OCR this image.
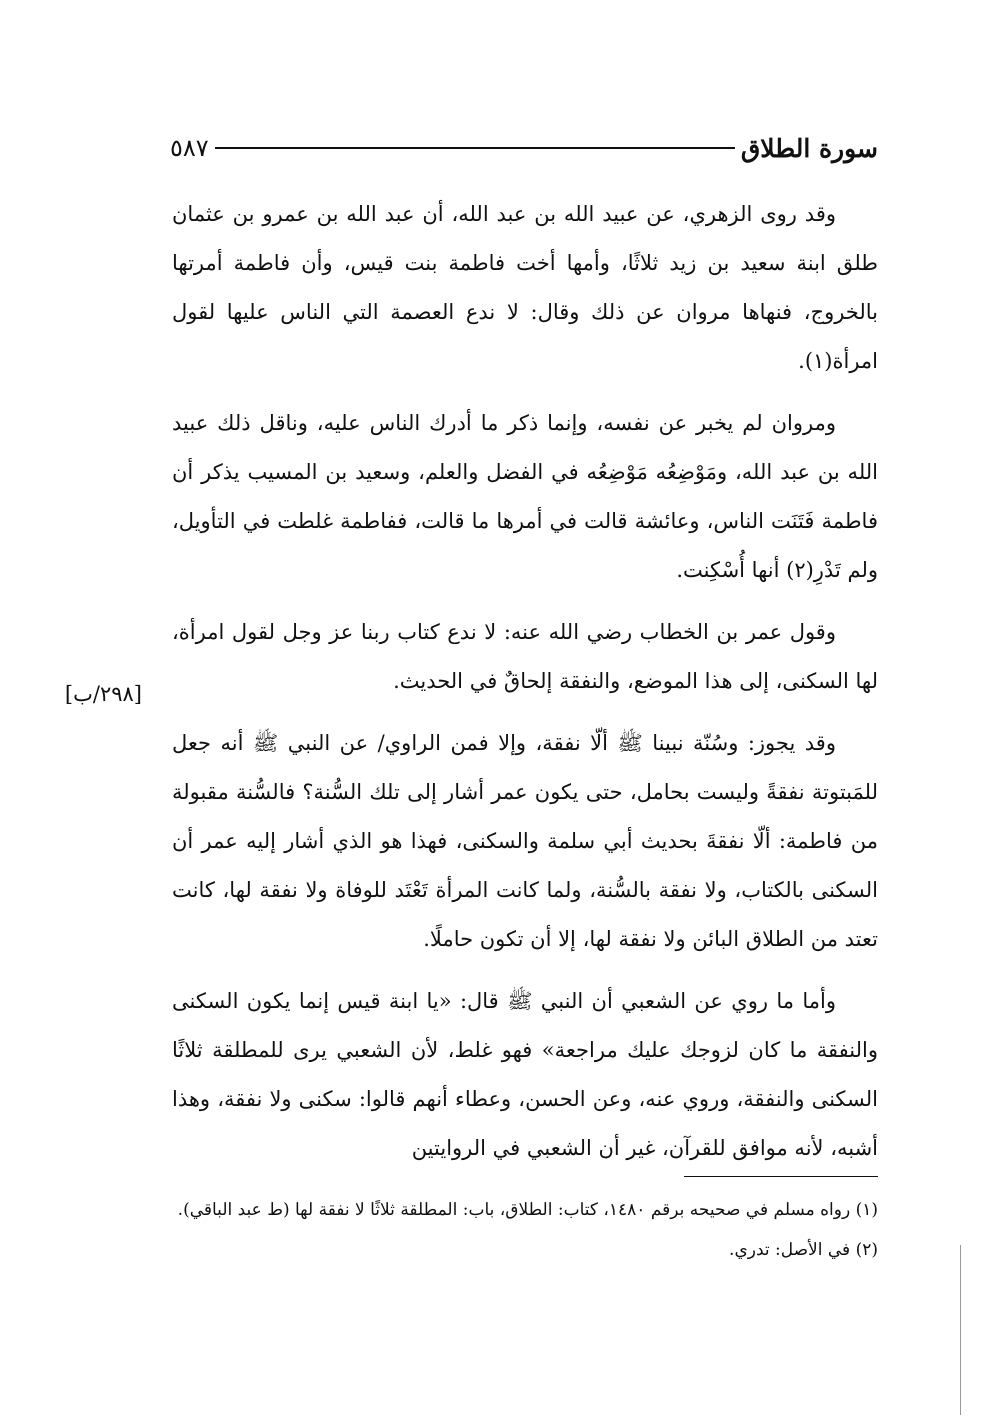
سورة الطلاق
٥٨٧
[٢٩٨/ب]

وقد روى الزهري، عن عبيد الله بن عبد الله، أن عبد الله بن عمرو بن عثمان طلق ابنة سعيد بن زيد ثلاثًا، وأمها أخت فاطمة بنت قيس، وأن فاطمة أمرتها بالخروج، فنهاها مروان عن ذلك وقال: لا ندع العصمة التي الناس عليها لقول امرأة(١).

ومروان لم يخبر عن نفسه، وإنما ذكر ما أدرك الناس عليه، وناقل ذلك عبيد الله بن عبد الله، ومَوْضِعُه مَوْضِعُه في الفضل والعلم، وسعيد بن المسيب يذكر أن فاطمة فَتَنَت الناس، وعائشة قالت في أمرها ما قالت، ففاطمة غلطت في التأويل، ولم تَدْرِ(٢) أنها أُسْكِنت.

وقول عمر بن الخطاب رضي الله عنه: لا ندع كتاب ربنا عز وجل لقول امرأة، لها السكنى، إلى هذا الموضع، والنفقة إلحاقٌ في الحديث.

وقد يجوز: وسُنّة نبينا ﷺ ألّا نفقة، وإلا فمن الراوي/ عن النبي ﷺ أنه جعل للمَبتوتة نفقةً وليست بحامل، حتى يكون عمر أشار إلى تلك السُّنة؟ فالسُّنة مقبولة من فاطمة: ألّا نفقةَ بحديث أبي سلمة والسكنى، فهذا هو الذي أشار إليه عمر أن السكنى بالكتاب، ولا نفقة بالسُّنة، ولما كانت المرأة تَعْتَد للوفاة ولا نفقة لها، كانت تعتد من الطلاق البائن ولا نفقة لها، إلا أن تكون حاملًا.

وأما ما روي عن الشعبي أن النبي ﷺ قال: «يا ابنة قيس إنما يكون السكنى والنفقة ما كان لزوجك عليك مراجعة» فهو غلط، لأن الشعبي يرى للمطلقة ثلاثًا السكنى والنفقة، وروي عنه، وعن الحسن، وعطاء أنهم قالوا: سكنى ولا نفقة، وهذا أشبه، لأنه موافق للقرآن، غير أن الشعبي في الروايتين

(١) رواه مسلم في صحيحه برقم ١٤٨٠، كتاب: الطلاق، باب: المطلقة ثلاثًا لا نفقة لها (ط عبد الباقي).

(٢) في الأصل: تدري.
